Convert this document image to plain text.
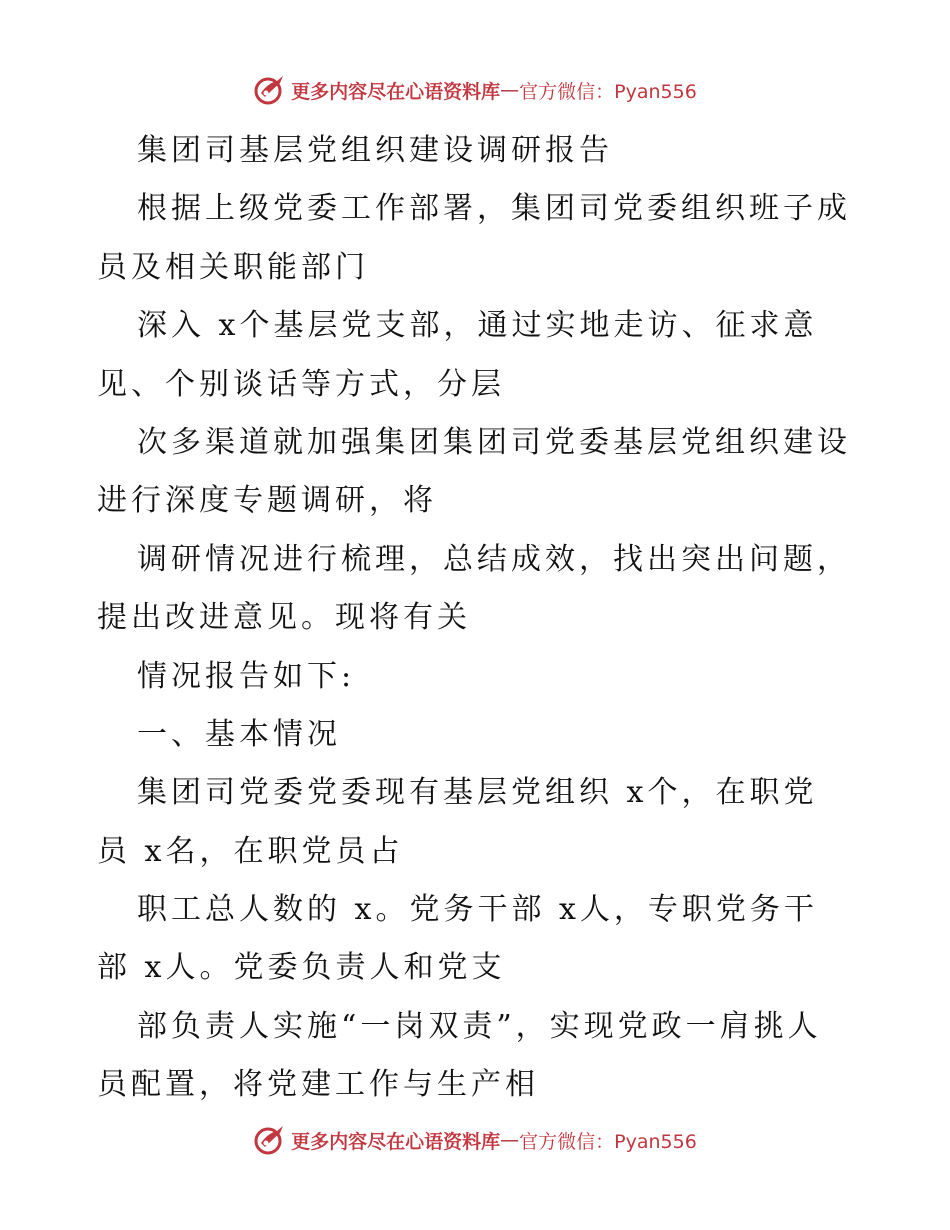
更多内容尽在心语资料库 — 官方微信：Pyan556
集团司基层党组织建设调研报告
根据上级党委工作部署，集团司党委组织班子成
员及相关职能部门
深入 x个基层党支部，通过实地走访、征求意
见、个别谈话等方式，分层
次多渠道就加强集团集团司党委基层党组织建设
进行深度专题调研，将
调研情况进行梳理，总结成效，找出突出问题，
提出改进意见。现将有关
情况报告如下:
一、基本情况
集团司党委党委现有基层党组织 x个，在职党
员 x名，在职党员占
职工总人数的 x。党务干部 x人，专职党务干
部 x人。党委负责人和党支
部负责人实施“一岗双责”，实现党政一肩挑人
员配置，将党建工作与生产相
更多内容尽在心语资料库 — 官方微信：Pyan556
